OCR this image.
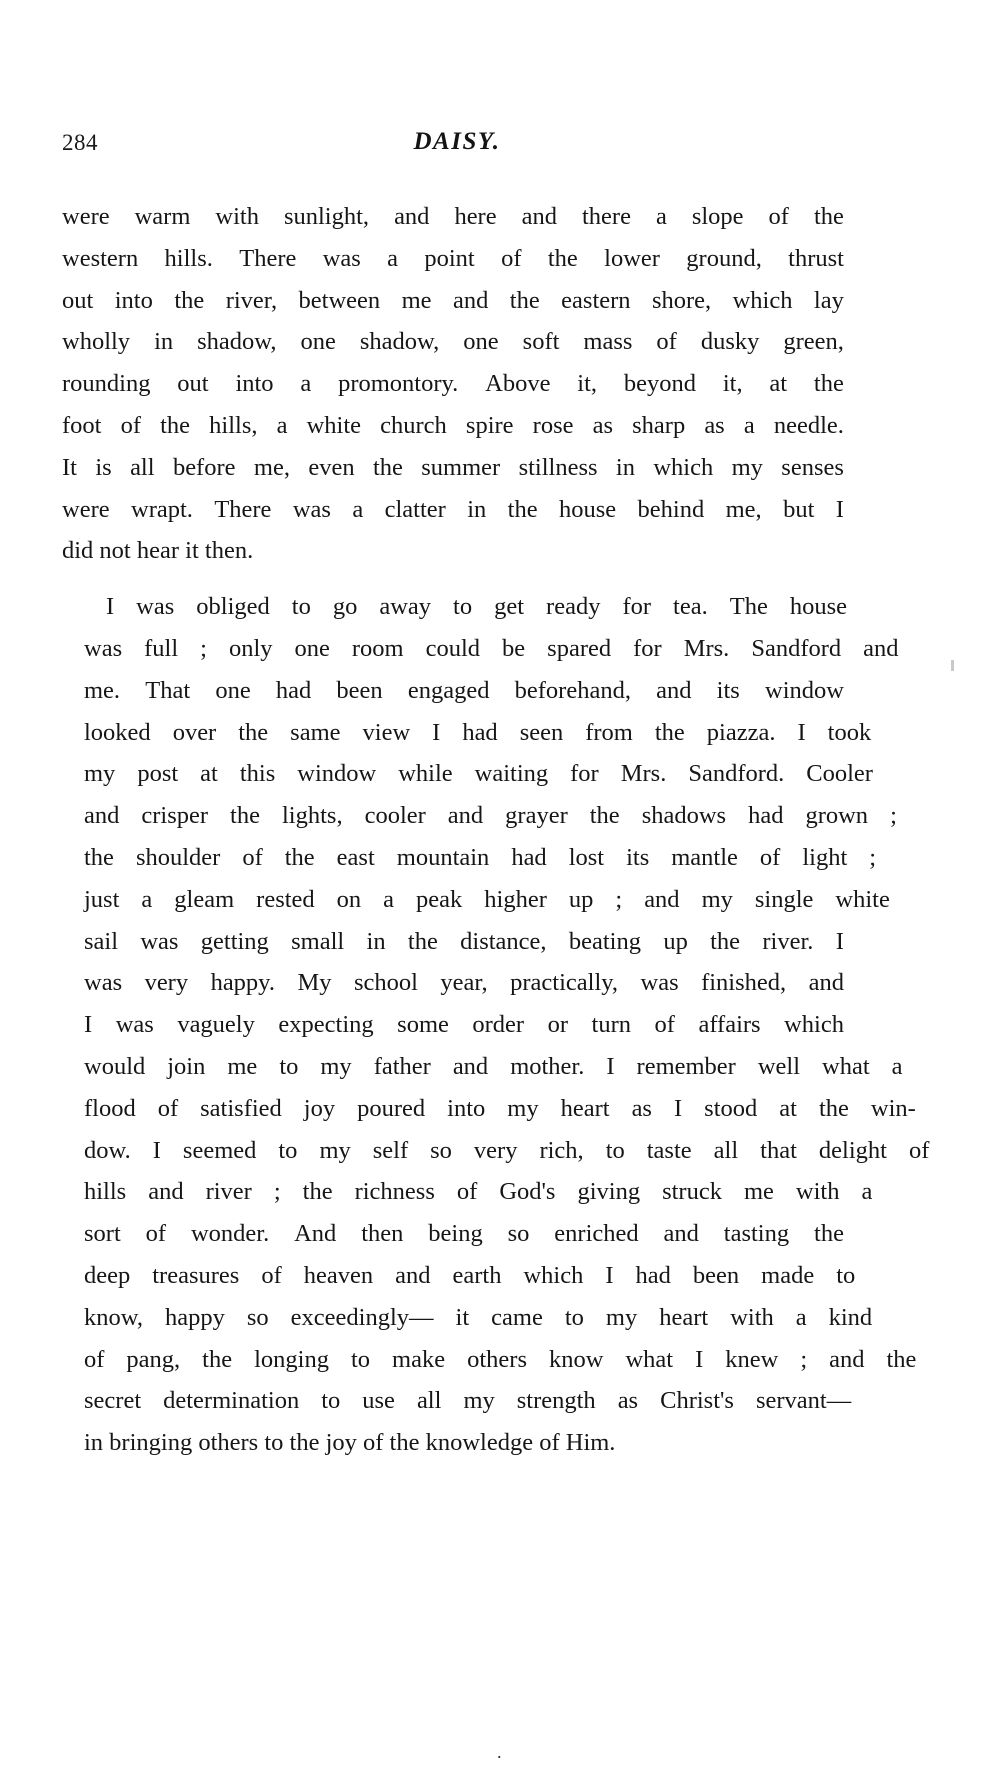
284	DAISY.

were warm with sunlight, and here and there a slope of the
western hills. There was a point of the lower ground, thrust
out into the river, between me and the eastern shore, which lay
wholly in shadow, one shadow, one soft mass of dusky green,
rounding out into a promontory. Above it, beyond it, at the
foot of the hills, a white church spire rose as sharp as a needle.
It is all before me, even the summer stillness in which my senses
were wrapt. There was a clatter in the house behind me, but I
did not hear it then.

I was obliged to go away to get ready for tea. The house
was full ; only one room could be spared for Mrs. Sandford and
me.	That	one	had	been	engaged	beforehand,	and	its	window
looked over the same view I had seen from the piazza. I took
my post at this window while waiting for Mrs. Sandford. Cooler
and crisper the lights, cooler and grayer the shadows had grown ;
the shoulder of the east mountain had lost its mantle of light ;
just a gleam rested on a peak higher up ; and my single white
sail was getting small in the distance, beating up the river. I
was very happy. My school year, practically, was finished, and
I was vaguely expecting some order or turn of affairs which
would join me to my father and mother. I remember well what a
flood of satisfied joy poured into my heart as I stood at the win-
dow. I seemed to my self so very rich, to taste all that delight of
hills and river ; the richness of God's giving struck me with a
sort	of	wonder.	And	then	being	so	enriched	and	tasting	the
deep treasures of heaven and earth which I had been made to
know, happy so exceedingly— it came to my heart with a kind
of pang, the longing to make others know what I knew ; and the
secret determination to use all my strength as Christ's servant—
in bringing others to the joy of the knowledge of Him.

.
